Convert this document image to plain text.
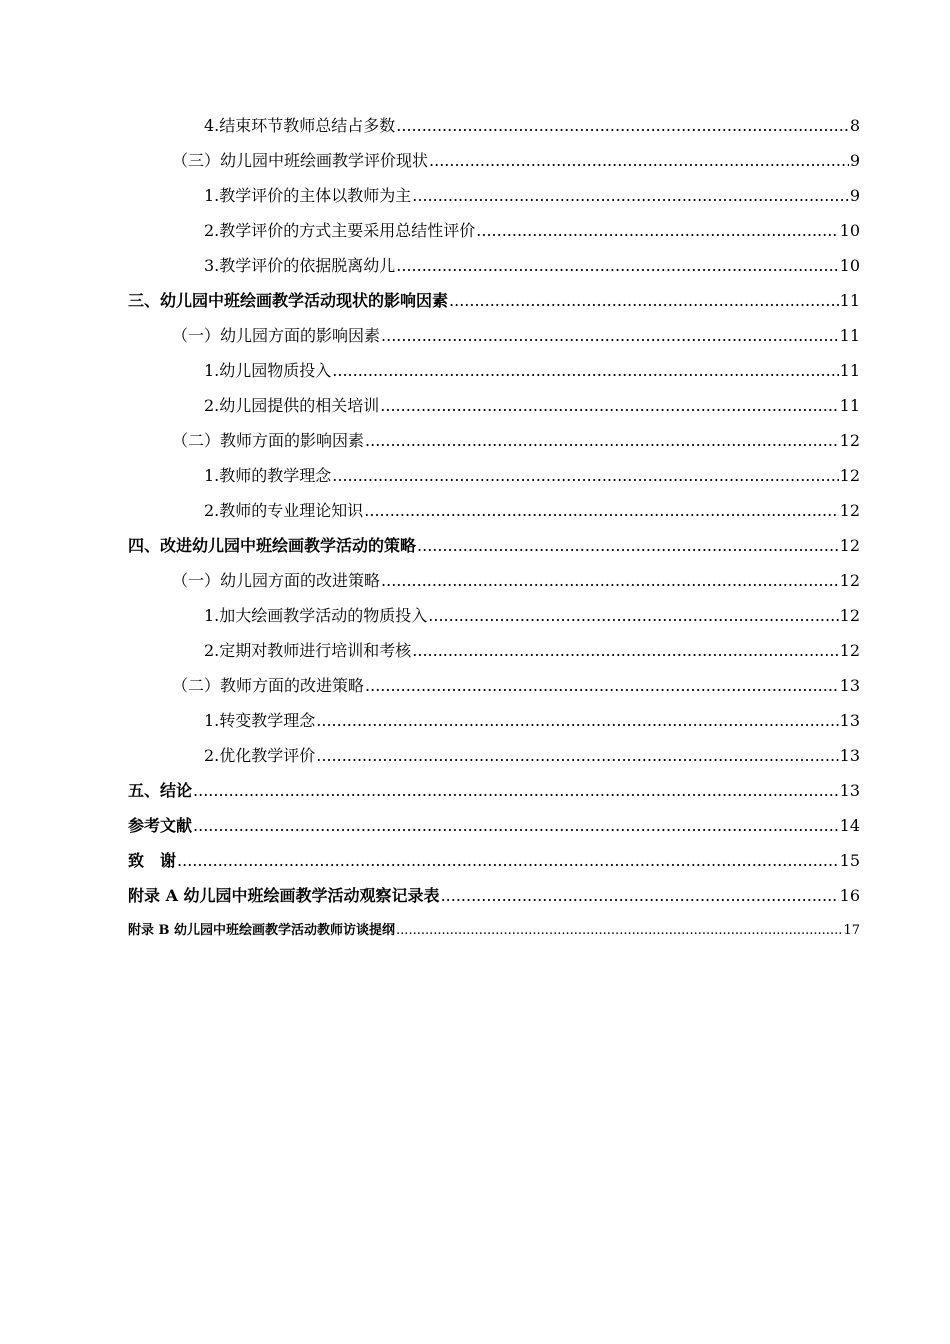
4.结束环节教师总结占多数 .....	8
（三）幼儿园中班绘画教学评价现状 .....	9
1.教学评价的主体以教师为主 .....	9
2.教学评价的方式主要采用总结性评价 .....	10
3.教学评价的依据脱离幼儿 .....	10
三、幼儿园中班绘画教学活动现状的影响因素 .....	11
（一）幼儿园方面的影响因素 .....	11
1.幼儿园物质投入 .....	11
2.幼儿园提供的相关培训 .....	11
（二）教师方面的影响因素 .....	12
1.教师的教学理念 .....	12
2.教师的专业理论知识 .....	12
四、改进幼儿园中班绘画教学活动的策略 .....	12
（一）幼儿园方面的改进策略 .....	12
1.加大绘画教学活动的物质投入 .....	12
2.定期对教师进行培训和考核 .....	12
（二）教师方面的改进策略 .....	13
1.转变教学理念 .....	13
2.优化教学评价 .....	13
五、结论 .....	13
参考文献 .....	14
致　谢 .....	15
附录 A 幼儿园中班绘画教学活动观察记录表 .....	16
附录 B 幼儿园中班绘画教学活动教师访谈提纲 .....	17
